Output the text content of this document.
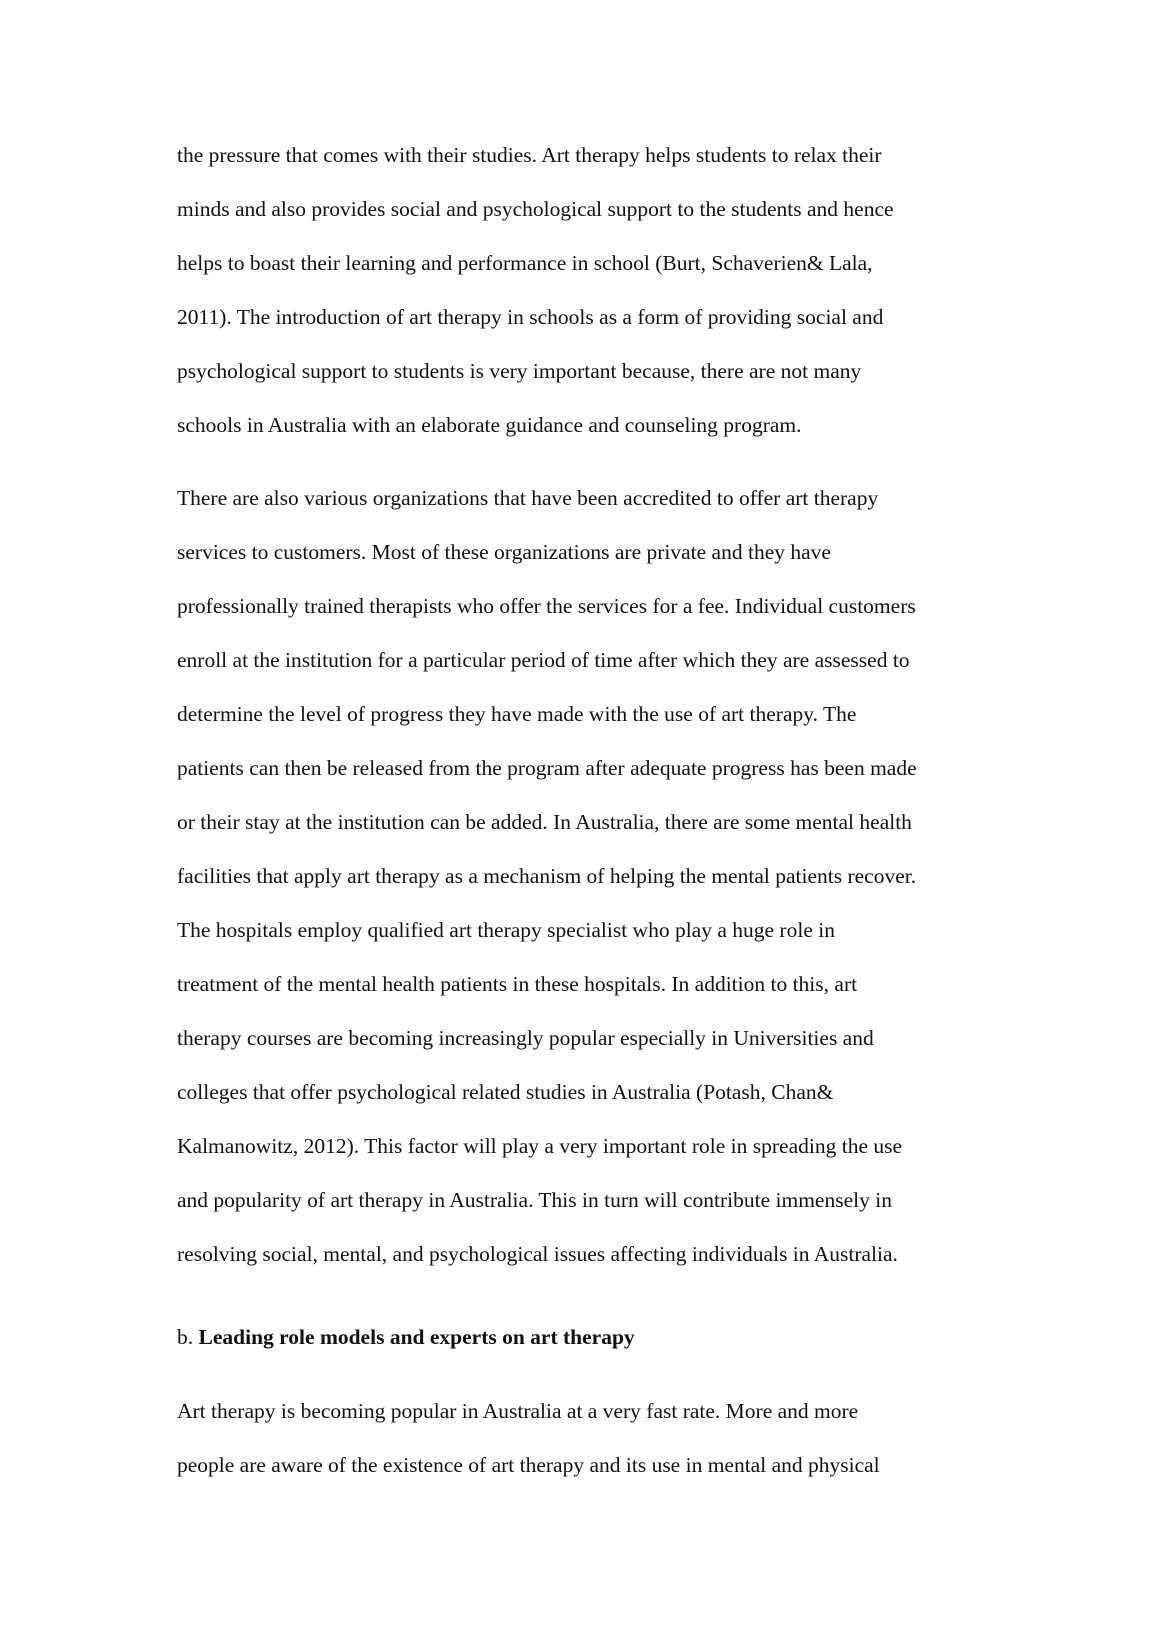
the pressure that comes with their studies. Art therapy helps students to relax their
minds and also provides social and psychological support to the students and hence
helps to boast their learning and performance in school (Burt, Schaverien& Lala,
2011). The introduction of art therapy in schools as a form of providing social and
psychological support to students is very important because, there are not many
schools in Australia with an elaborate guidance and counseling program.
There are also various organizations that have been accredited to offer art therapy
services to customers. Most of these organizations are private and they have
professionally trained therapists who offer the services for a fee. Individual customers
enroll at the institution for a particular period of time after which they are assessed to
determine the level of progress they have made with the use of art therapy. The
patients can then be released from the program after adequate progress has been made
or their stay at the institution can be added. In Australia, there are some mental health
facilities that apply art therapy as a mechanism of helping the mental patients recover.
The hospitals employ qualified art therapy specialist who play a huge role in
treatment of the mental health patients in these hospitals. In addition to this, art
therapy courses are becoming increasingly popular especially in Universities and
colleges that offer psychological related studies in Australia (Potash, Chan&
Kalmanowitz, 2012). This factor will play a very important role in spreading the use
and popularity of art therapy in Australia. This in turn will contribute immensely in
resolving social, mental, and psychological issues affecting individuals in Australia.
b. Leading role models and experts on art therapy
Art therapy is becoming popular in Australia at a very fast rate. More and more
people are aware of the existence of art therapy and its use in mental and physical
